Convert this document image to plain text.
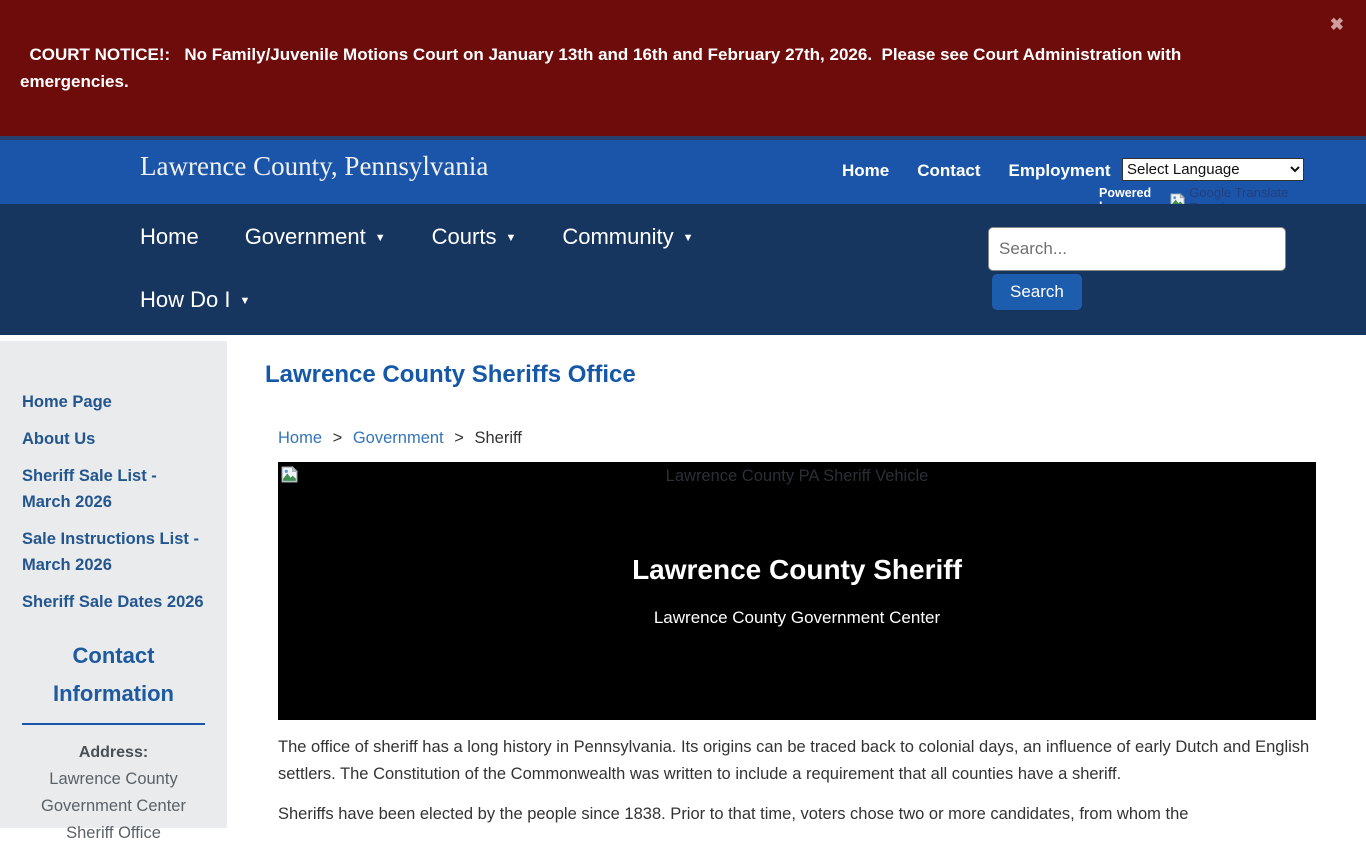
COURT NOTICE!:   No Family/Juvenile Motions Court on January 13th and 16th and February 27th, 2026.  Please see Court Administration with emergencies.

✖

Lawrence County, Pennsylvania	Home Contact Employment
Select Language
Powered	Google Translate
Home Government ▼ Courts ▼ Community ▼
How Do I ▼
Search...	Search
Home Page
About Us
Sheriff Sale List - March 2026
Sale Instructions List - March 2026
Sheriff Sale Dates 2026
Contact Information
Address:
Lawrence County
Government Center
Sheriff Office
Lawrence County Sheriffs Office
Home > Government > Sheriff
Lawrence County PA Sheriff Vehicle
Lawrence County Sheriff
Lawrence County Government Center

The office of sheriff has a long history in Pennsylvania. Its origins can be traced back to colonial days, an influence of early Dutch and English settlers. The Constitution of the Commonwealth was written to include a requirement that all counties have a sheriff.

Sheriffs have been elected by the people since 1838. Prior to that time, voters chose two or more candidates, from whom the
